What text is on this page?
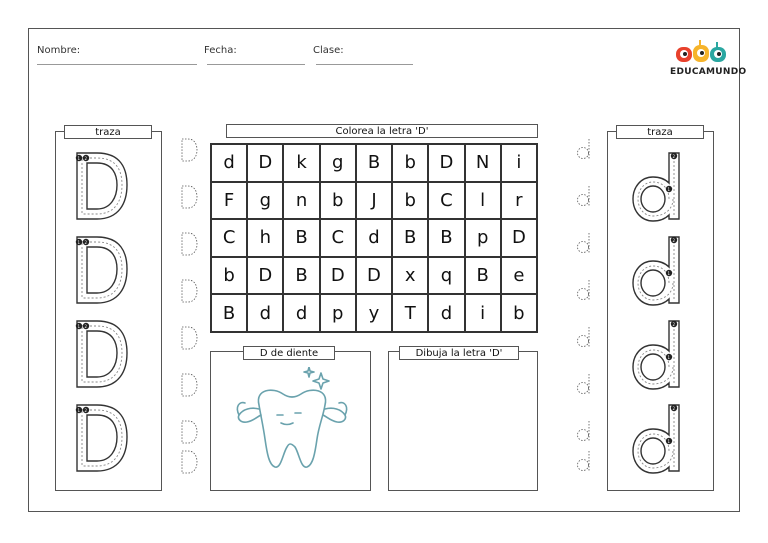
Nombre:	Fecha:	Clase:
EDUCAMUNDO
traza	Colorea la letra 'D'
d	D	k	g	B	b	D	N	i
F	g	n	b	J	b	C	l	r
C	h	B	C	d	B	B	p	D
b	D	B	D	D	x	q	B	e
B	d	d	p	y	T	d	i	b
D de diente	Dibuja la letra 'D'
traza
